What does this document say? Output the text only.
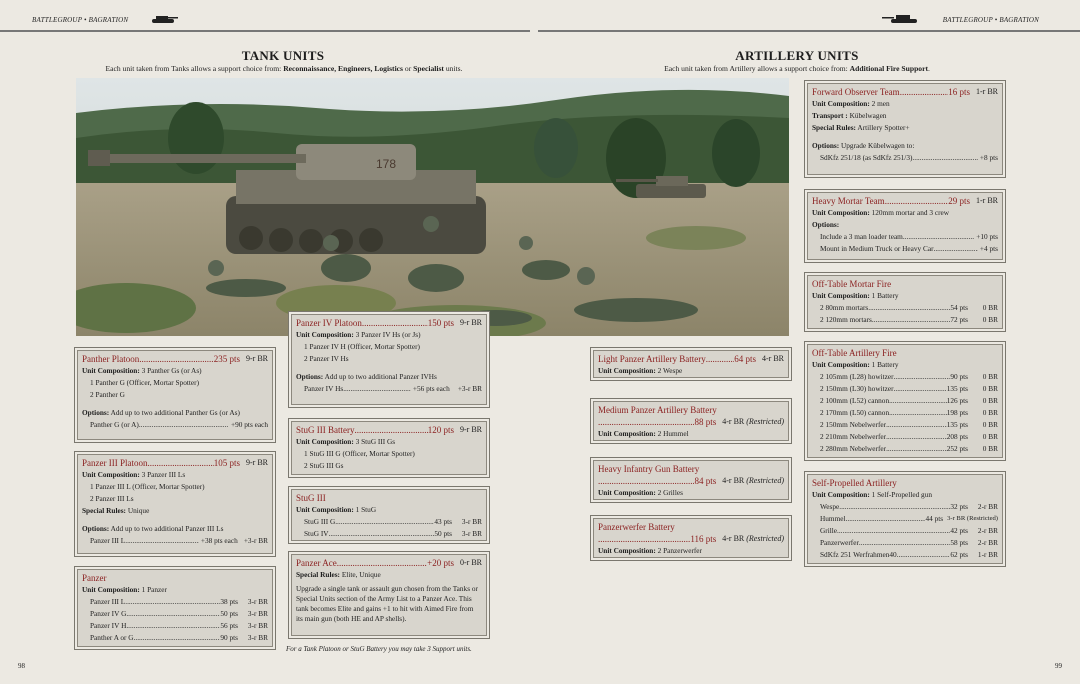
BATTLEGROUP • BAGRATION	BATTLEGROUP • BAGRATION
TANK UNITS
Each unit taken from Tanks allows a support choice from: Reconnaissance, Engineers, Logistics or Specialist units.
ARTILLERY UNITS
Each unit taken from Artillery allows a support choice from: Additional Fire Support.
178
Panther Platoon .....	235 pts 9-r BR
Unit Composition: 3 Panther Gs (or As)
1 Panther G (Officer, Mortar Spotter)
2 Panther G
Options: Add up to two additional Panther Gs (or As)
Panther G (or A) .....	+90 pts each
Panzer III Platoon .....	105 pts 9-r BR
Unit Composition: 3 Panzer III Ls
1 Panzer III L (Officer, Mortar Spotter)
2 Panzer III Ls
Special Rules: Unique
Options: Add up to two additional Panzer III Ls
Panzer III L .....	+38 pts each +3-r BR
Panzer
Unit Composition: 1 Panzer
Panzer III L .....	38 pts	3-r BR
Panzer IV G .....	50 pts	3-r BR
Panzer IV H .....	56 pts	3-r BR
Panther A or G .....	90 pts	3-r BR
Panzer IV Platoon .....	150 pts 9-r BR
Unit Composition: 3 Panzer IV Hs (or Js)
1 Panzer IV H (Officer, Mortar Spotter)
2 Panzer IV Hs
Options: Add up to two additional Panzer IVHs
Panzer IV Hs .....	+56 pts each	+3-r BR
StuG III Battery .....	120 pts 9-r BR
Unit Composition: 3 StuG III Gs
1 StuG III G (Officer, Mortar Spotter)
2 StuG III Gs
StuG III
Unit Composition: 1 StuG
StuG III G .....	43 pts	3-r BR
StuG IV .....	50 pts	3-r BR
Panzer Ace .....	+20 pts 0-r BR
Special Rules: Elite, Unique
Upgrade a single tank or assault gun chosen from the Tanks or Special Units section of the Army List to a Panzer Ace. This tank becomes Elite and gains +1 to hit with Aimed Fire from its main gun (both HE and AP shells).
For a Tank Platoon or StuG Battery you may take 3 Support units.
Light Panzer Artillery Battery .....	64 pts 4-r BR
Unit Composition: 2 Wespe
Medium Panzer Artillery Battery
.....
88 pts 4-r BR (Restricted)
Unit Composition: 2 Hummel
Heavy Infantry Gun Battery
.....
84 pts 4-r BR (Restricted)
Unit Composition: 2 Grilles
Panzerwerfer Battery
.....
116 pts 4-r BR (Restricted)
Unit Composition: 2 Panzerwerfer
Forward Observer Team .....	16 pts 1-r BR
Unit Composition: 2 men
Transport : Kübelwagen
Special Rules: Artillery Spotter+
Options: Upgrade Kübelwagen to:
SdKfz 251/18 (as SdKfz 251/3) .....	+8 pts
Heavy Mortar Team .....	29 pts 1-r BR
Unit Composition: 120mm mortar and 3 crew
Options:
Include a 3 man loader team .....	+10 pts
Mount in Medium Truck or Heavy Car .....	+4 pts
Off-Table Mortar Fire
Unit Composition: 1 Battery
2 80mm mortars .....	54 pts	0 BR
2 120mm mortars .....	72 pts	0 BR
Off-Table Artillery Fire
Unit Composition: 1 Battery
2 105mm (L28) howitzer .....	90 pts	0 BR
2 150mm (L30) howitzer .....	135 pts	0 BR
2 100mm (L52) cannon .....	126 pts	0 BR
2 170mm (L50) cannon .....	198 pts	0 BR
2 150mm Nebelwerfer .....	135 pts	0 BR
2 210mm Nebelwerfer .....	208 pts	0 BR
2 280mm Nebelwerfer .....	252 pts	0 BR
Self-Propelled Artillery
Unit Composition: 1 Self-Propelled gun
Wespe .....	32 pts	2-r BR
Hummel .....	44 pts 3-r BR (Restricted)
Grille .....	42 pts	2-r BR
Panzerwerfer .....	58 pts	2-r BR
SdKfz 251 Werfrahmen40 .....	62 pts	1-r BR
98	99
